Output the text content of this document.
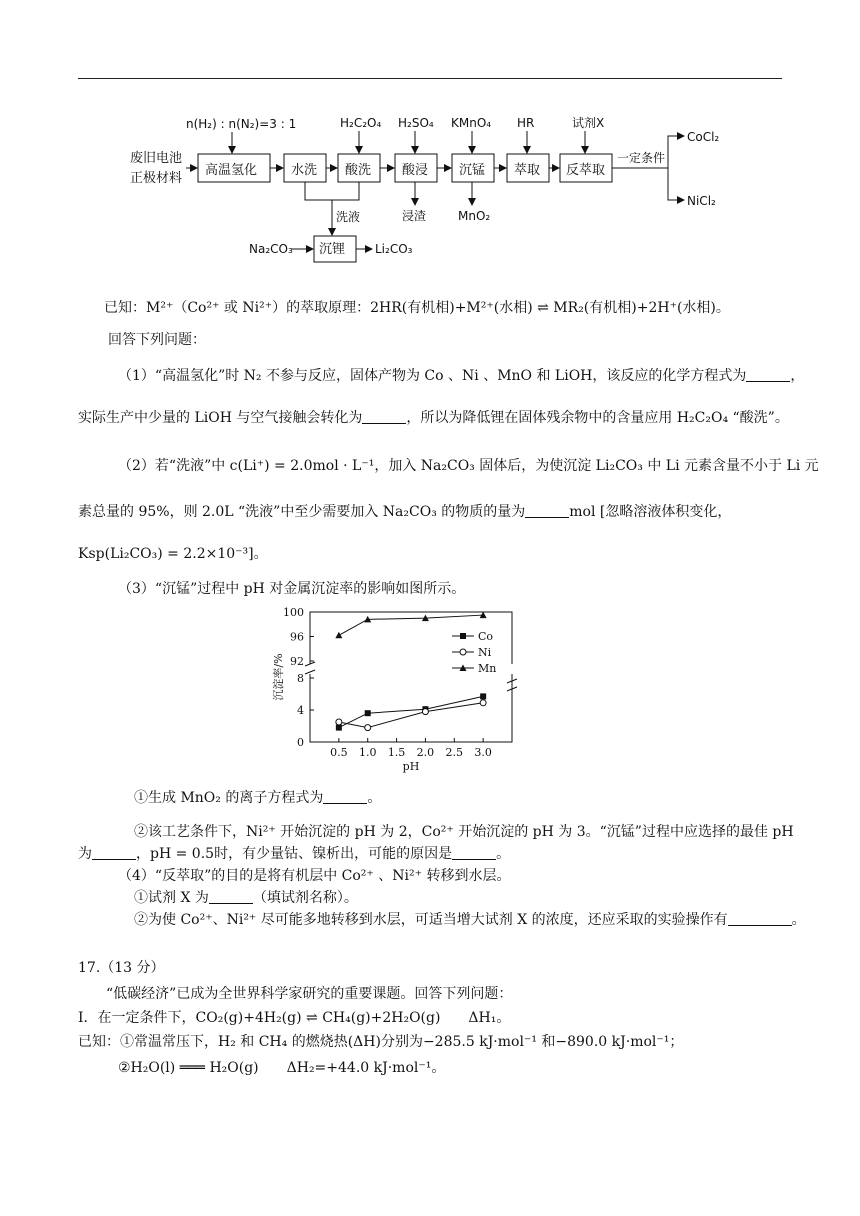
n(H₂) : n(N₂)=3 : 1
废旧电池
正极材料
高温氢化	水洗 酸洗 酸浸 沉锰 萃取 反萃取
H₂C₂O₄ H₂SO₄ KMnO₄ HR	试剂X
一定条件
CoCl₂
NiCl₂
洗液	浸渣	MnO₂
Na₂CO₃ 沉锂 Li₂CO₃
已知：M²⁺（Co²⁺ 或 Ni²⁺）的萃取原理：2HR(有机相)+M²⁺(水相) ⇌ MR₂(有机相)+2H⁺(水相)。
回答下列问题：
（1）“高温氢化”时 N₂ 不参与反应，固体产物为 Co 、Ni 、MnO 和 LiOH，该反应的化学方程式为	，
实际生产中少量的 LiOH 与空气接触会转化为	，所以为降低锂在固体残余物中的含量应用 H₂C₂O₄ “酸洗”。
（2）若“洗液”中 c(Li⁺) = 2.0mol · L⁻¹，加入 Na₂CO₃ 固体后，为使沉淀 Li₂CO₃ 中 Li 元素含量不小于 Li 元
素总量的 95%，则 2.0L “洗液”中至少需要加入 Na₂CO₃ 的物质的量为	mol [忽略溶液体积变化，
Ksp(Li₂CO₃) = 2.2×10⁻³]。
（3）“沉锰”过程中 pH 对金属沉淀率的影响如图所示。
0
4
8
92
96
100
0.5 1.0 1.5 2.0 2.5 3.0
pH
沉淀率/%
Co
Ni
Mn
①生成 MnO₂ 的离子方程式为	。
②该工艺条件下，Ni²⁺ 开始沉淀的 pH 为 2，Co²⁺ 开始沉淀的 pH 为 3。“沉锰”过程中应选择的最佳 pH
为	，pH = 0.5时，有少量钴、镍析出，可能的原因是	。
（4）“反萃取”的目的是将有机层中 Co²⁺ 、Ni²⁺ 转移到水层。
①试剂 X 为	（填试剂名称）。
②为使 Co²⁺、Ni²⁺ 尽可能多地转移到水层，可适当增大试剂 X 的浓度，还应采取的实验操作有	。
17.（13 分）
“低碳经济”已成为全世界科学家研究的重要课题。回答下列问题：
I．在一定条件下，CO₂(g)+4H₂(g) ⇌ CH₄(g)+2H₂O(g)　　ΔH₁。
已知：①常温常压下，H₂ 和 CH₄ 的燃烧热(ΔH)分别为−285.5 kJ·mol⁻¹ 和−890.0 kJ·mol⁻¹；
②H₂O(l) ═══ H₂O(g)　　ΔH₂=+44.0 kJ·mol⁻¹。
